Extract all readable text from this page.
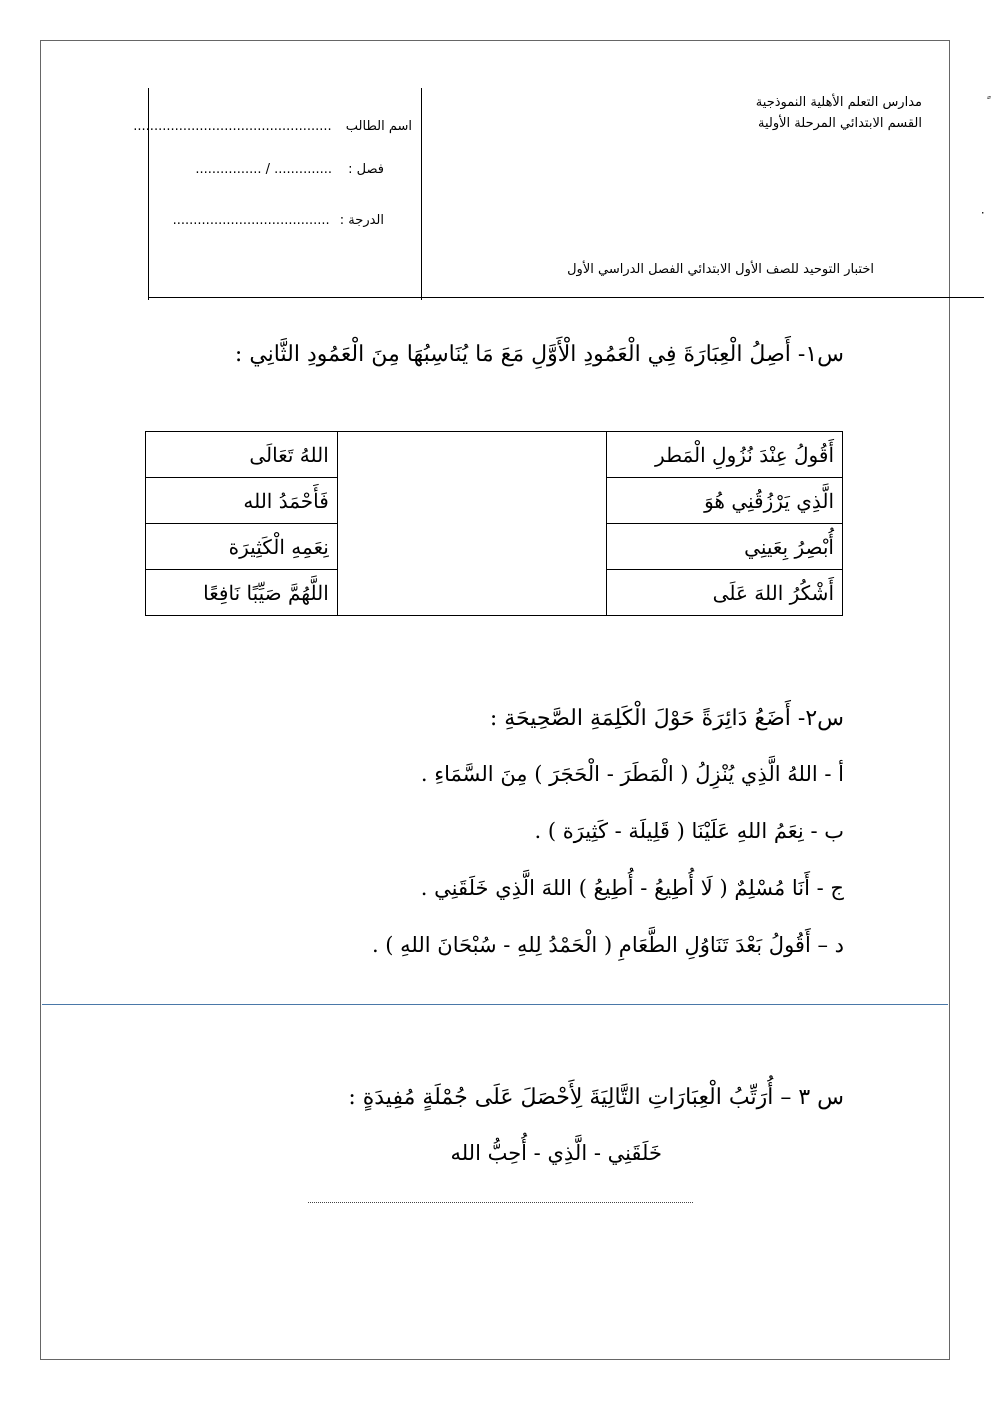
٠
مدارس التعلم الأهلية النموذجية
القسم الابتدائي المرحلة الأولية
اختبار التوحيد للصف الأول الابتدائي الفصل الدراسي الأول
اسم الطالب ................................................
فصل : .............. / ................
الدرجة : ......................................
س١- أَصِلُ الْعِبَارَةَ فِي الْعَمُودِ الْأَوَّلِ مَعَ مَا يُنَاسِبُهَا مِنَ الْعَمُودِ الثَّانِي :
أَقُولُ عِنْدَ نُزُولِ الْمَطر		اللهُ تَعَالَى
الَّذِي يَرْزُقُنِي هُوَ		فَأَحْمَدُ الله
أُبْصِرُ بِعَينِي		نِعَمِهِ الْكَثِيرَة
أَشْكُرُ اللهَ عَلَى		اللَّهُمَّ صَيِّبًا نَافِعًا
س٢- أَضَعُ دَائِرَةً حَوْلَ الْكَلِمَةِ الصَّحِيحَةِ :
أ - اللهُ الَّذِي يُنْزِلُ ( الْمَطَرَ - الْحَجَرَ ) مِنَ السَّمَاءِ .
ب - نِعَمُ اللهِ عَلَيْنَا ( قَلِيلَة - كَثِيرَة ) .
ج - أَنَا مُسْلِمٌ ( لَا أُطِيعُ - أُطِيعُ ) اللهَ الَّذِي خَلَقَنِي .
د – أَقُولُ بَعْدَ تَنَاوُلِ الطَّعَامِ ( الْحَمْدُ لِلهِ - سُبْحَانَ اللهِ ) .
س ٣ – أُرَتِّبُ الْعِبَارَاتِ التَّالِيَةَ لِأَحْصَلَ عَلَى جُمْلَةٍ مُفِيدَةٍ :
خَلَقَنِي - الَّذِي - أُحِبُّ الله
